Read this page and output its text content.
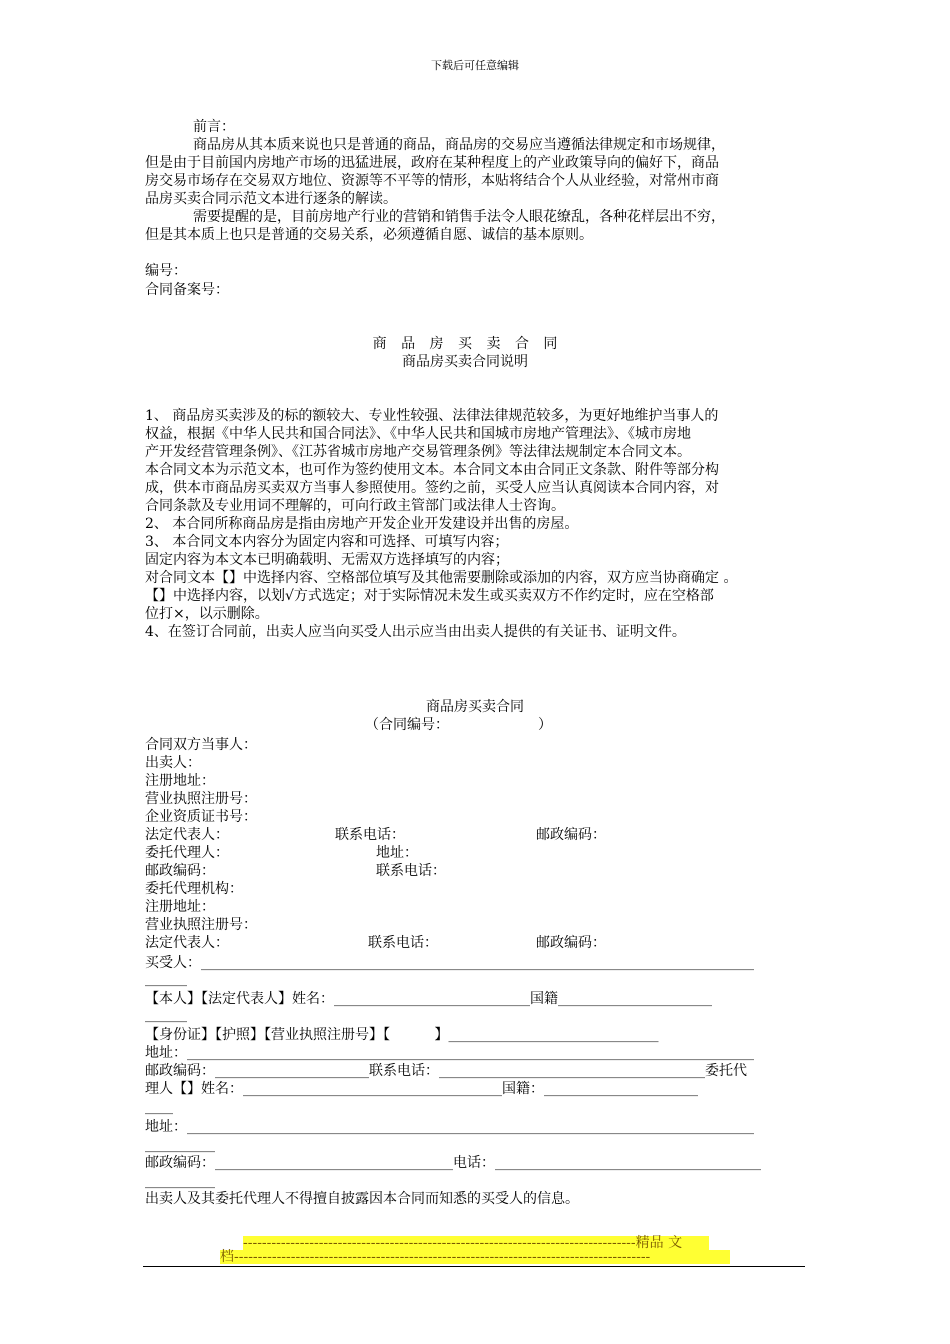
下载后可任意编辑
前言：
商品房从其本质来说也只是普通的商品，商品房的交易应当遵循法律规定和市场规律，
但是由于目前国内房地产市场的迅猛进展，政府在某种程度上的产业政策导向的偏好下，商品
房交易市场存在交易双方地位、资源等不平等的情形，本贴将结合个人从业经验，对常州市商
品房买卖合同示范文本进行逐条的解读。
需要提醒的是，目前房地产行业的营销和销售手法令人眼花缭乱，各种花样层出不穷，
但是其本质上也只是普通的交易关系，必须遵循自愿、诚信的基本原则。
编号：
合同备案号：
商 品 房 买 卖 合 同
商品房买卖合同说明
1、 商品房买卖涉及的标的额较大、专业性较强、法律法律规范较多，为更好地维护当事人的
权益，根据《中华人民共和国合同法》、《中华人民共和国城市房地产管理法》、《城市房地
产开发经营管理条例》、《江苏省城市房地产交易管理条例》等法律法规制定本合同文本。
本合同文本为示范文本，也可作为签约使用文本。本合同文本由合同正文条款、附件等部分构
成，供本市商品房买卖双方当事人参照使用。签约之前，买受人应当认真阅读本合同内容，对
合同条款及专业用词不理解的，可向行政主管部门或法律人士咨询。
2、 本合同所称商品房是指由房地产开发企业开发建设并出售的房屋。
3、 本合同文本内容分为固定内容和可选择、可填写内容；
固定内容为本文本已明确载明、无需双方选择填写的内容；
对合同文本【】中选择内容、空格部位填写及其他需要删除或添加的内容，双方应当协商确定 。
【】中选择内容，以划√方式选定；对于实际情况未发生或买卖双方不作约定时，应在空格部
位打×，以示删除。
4、在签订合同前，出卖人应当向买受人出示应当由出卖人提供的有关证书、证明文件。
商品房买卖合同
（合同编号：                    ）
合同双方当事人：
出卖人：
注册地址：
营业执照注册号：
企业资质证书号：
法定代表人：	联系电话：	邮政编码：
委托代理人：	地址：
邮政编码：	联系电话：
委托代理机构：
注册地址：
营业执照注册号：
法定代表人：	联系电话：	邮政编码：
买受人：_______________________________________________________________________________
______
【本人】【法定代表人】姓名：____________________________国籍______________________
______
【身份证】【护照】【营业执照注册号】【          】______________________________
地址：_________________________________________________________________________________
邮政编码：______________________联系电话：______________________________________委托代
理人【】姓名：_____________________________________国籍：______________________
____
地址：_________________________________________________________________________________
__________
邮政编码：__________________________________电话：______________________________________
__________
出卖人及其委托代理人不得擅自披露因本合同而知悉的买受人的信息。
-----------------------------------------------------------------------------------精品 文
档----------------------------------------------------------------------------------------
